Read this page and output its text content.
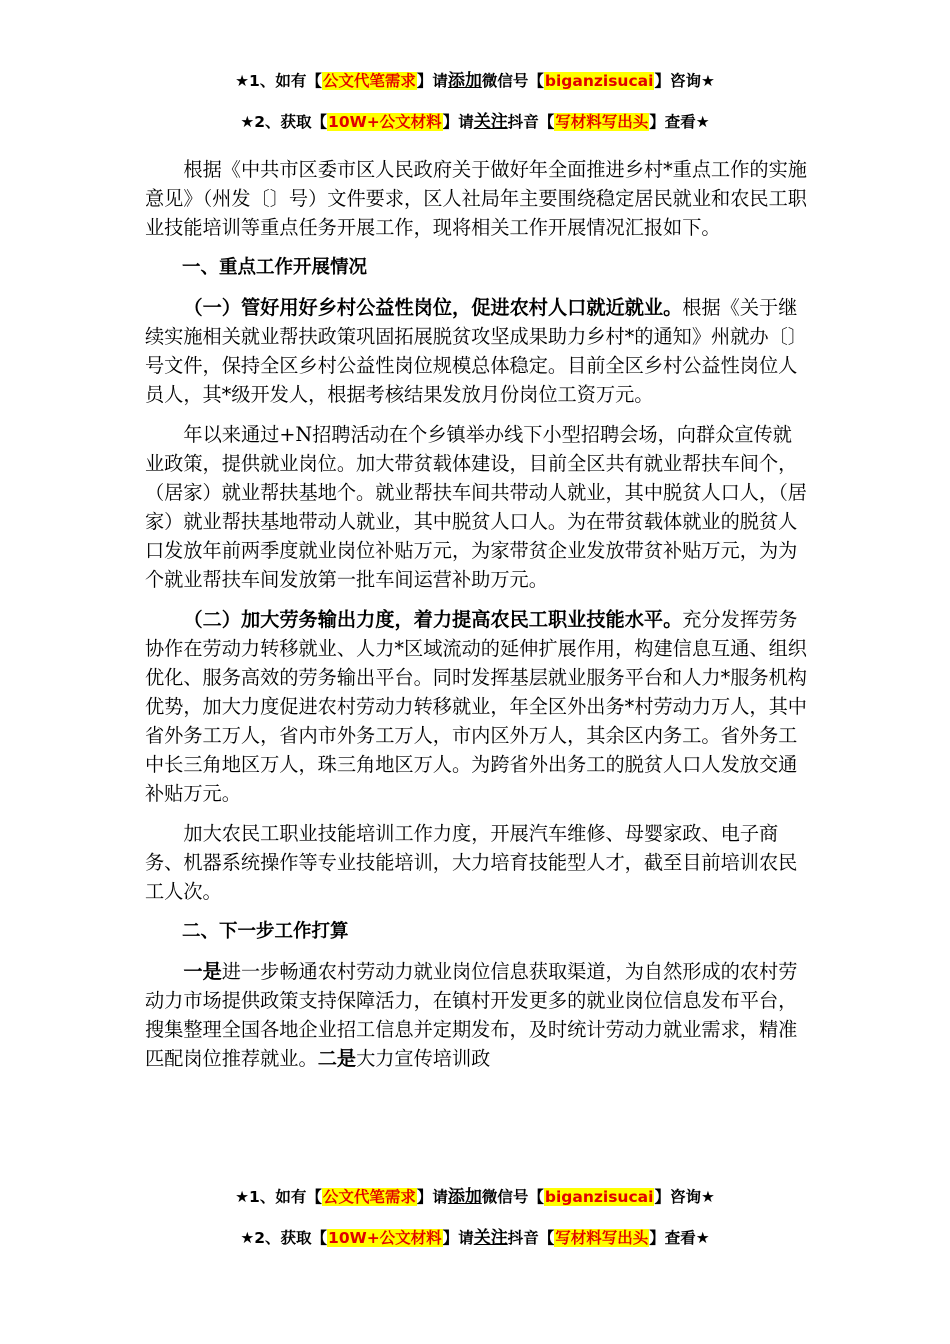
★1、如有【公文代笔需求】请添加微信号【biganzisucai】咨询★
★2、获取【10W+公文材料】请关注抖音【写材料写出头】查看★

根据《中共市区委市区人民政府关于做好年全面推进乡村*重点工作的实施意见》（州发〔〕号）文件要求，区人社局年主要围绕稳定居民就业和农民工职业技能培训等重点任务开展工作，现将相关工作开展情况汇报如下。

一、重点工作开展情况

（一）管好用好乡村公益性岗位，促进农村人口就近就业。根据《关于继续实施相关就业帮扶政策巩固拓展脱贫攻坚成果助力乡村*的通知》州就办〔〕号文件，保持全区乡村公益性岗位规模总体稳定。目前全区乡村公益性岗位人员人，其*级开发人，根据考核结果发放月份岗位工资万元。

年以来通过+N招聘活动在个乡镇举办线下小型招聘会场，向群众宣传就业政策，提供就业岗位。加大带贫载体建设，目前全区共有就业帮扶车间个，（居家）就业帮扶基地个。就业帮扶车间共带动人就业，其中脱贫人口人，（居家）就业帮扶基地带动人就业，其中脱贫人口人。为在带贫载体就业的脱贫人口发放年前两季度就业岗位补贴万元，为家带贫企业发放带贫补贴万元，为为个就业帮扶车间发放第一批车间运营补助万元。

（二）加大劳务输出力度，着力提高农民工职业技能水平。充分发挥劳务协作在劳动力转移就业、人力*区域流动的延伸扩展作用，构建信息互通、组织优化、服务高效的劳务输出平台。同时发挥基层就业服务平台和人力*服务机构优势，加大力度促进农村劳动力转移就业，年全区外出务*村劳动力万人，其中省外务工万人，省内市外务工万人，市内区外万人，其余区内务工。省外务工中长三角地区万人，珠三角地区万人。为跨省外出务工的脱贫人口人发放交通补贴万元。

加大农民工职业技能培训工作力度，开展汽车维修、母婴家政、电子商务、机器系统操作等专业技能培训，大力培育技能型人才，截至目前培训农民工人次。

二、下一步工作打算

一是进一步畅通农村劳动力就业岗位信息获取渠道，为自然形成的农村劳动力市场提供政策支持保障活力，在镇村开发更多的就业岗位信息发布平台，搜集整理全国各地企业招工信息并定期发布，及时统计劳动力就业需求，精准匹配岗位推荐就业。二是大力宣传培训政

★1、如有【公文代笔需求】请添加微信号【biganzisucai】咨询★
★2、获取【10W+公文材料】请关注抖音【写材料写出头】查看★
